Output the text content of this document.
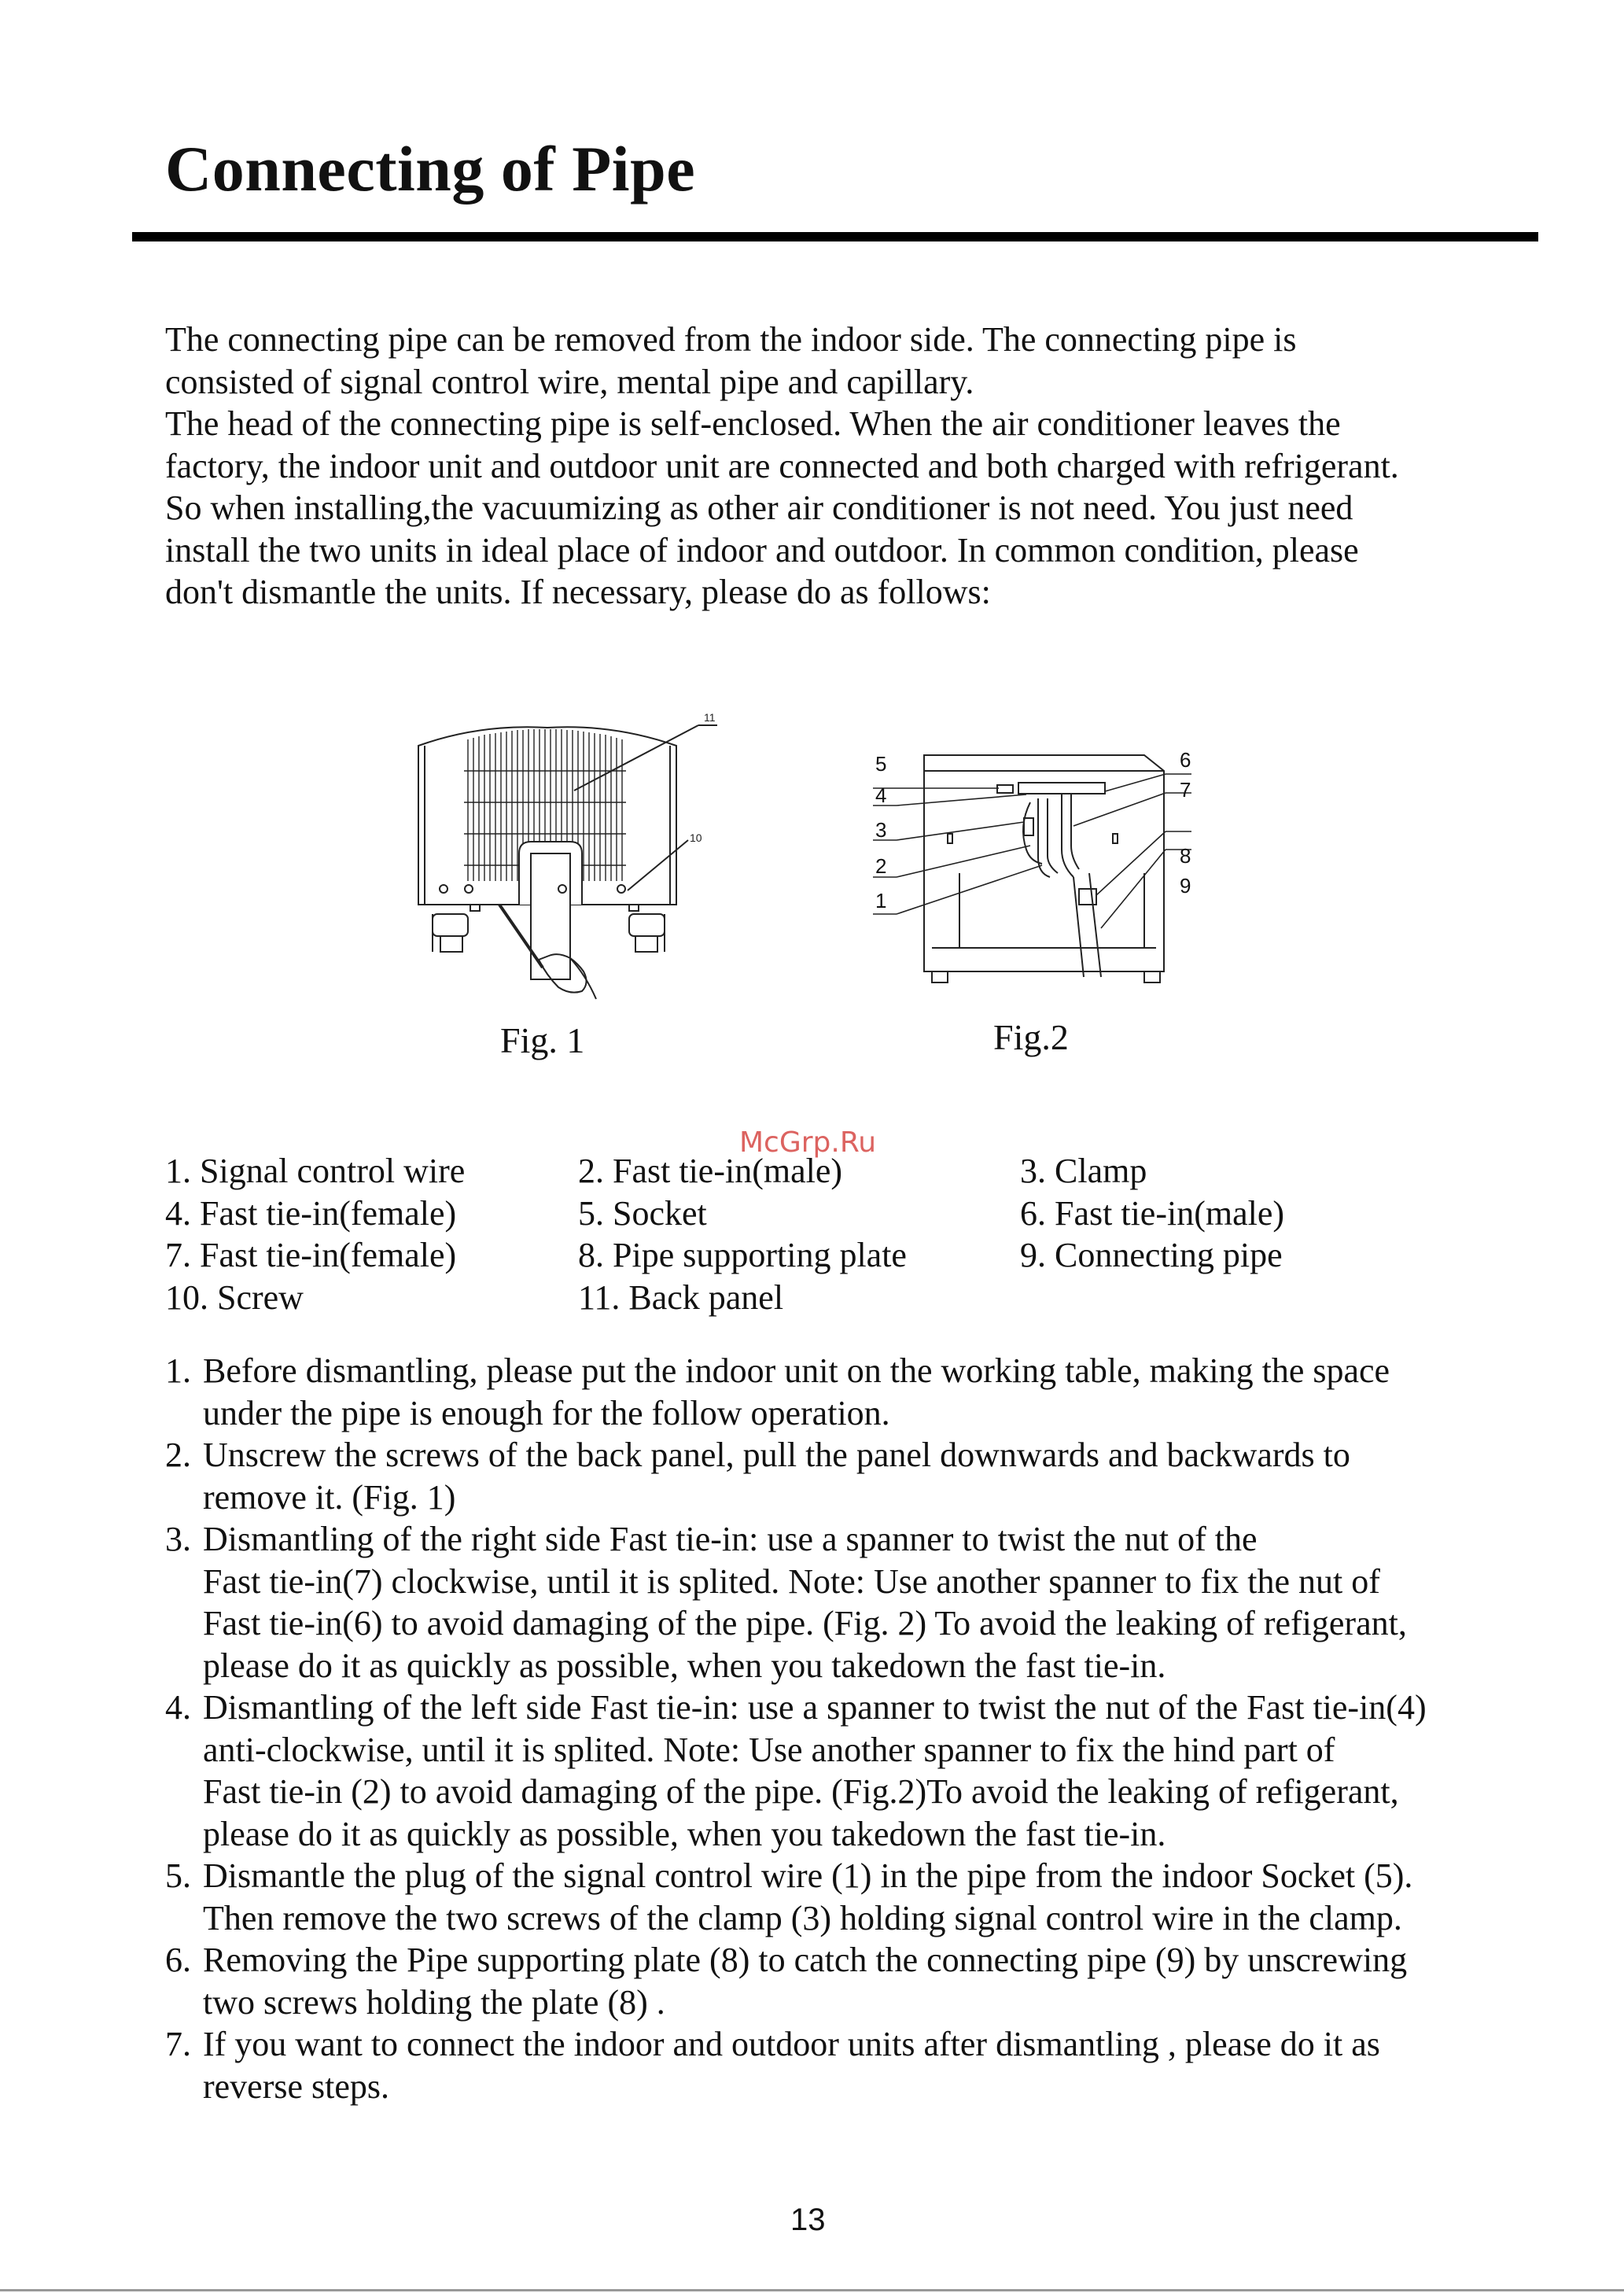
Connecting of Pipe

The connecting pipe can be removed from the indoor side. The connecting pipe is

consisted of signal control wire, mental pipe and capillary.

The head of the connecting pipe is self-enclosed. When the air conditioner leaves the

factory, the indoor unit and outdoor unit are connected and both charged with refrigerant.

So when installing,the vacuumizing as other air conditioner is not need. You just need

install the two units in ideal place of indoor and outdoor. In common condition, please

don't dismantle the units. If necessary, please do as follows:

11
10
Fig. 1
5
4
3
2
1
6
7
8
9
Fig.2
McGrp.Ru
1. Signal control wire	2. Fast tie-in(male)	3. Clamp
4. Fast tie-in(female)	5. Socket	6. Fast tie-in(male)
7. Fast tie-in(female)	8. Pipe supporting plate	9. Connecting pipe
10. Screw	11. Back panel
1. Before dismantling, please put the indoor unit on the working table, making the space
under the pipe is enough for the follow operation.
2. Unscrew the screws of the back panel, pull the panel downwards and backwards to
remove it. (Fig. 1)
3. Dismantling of the right side Fast tie-in: use a spanner to twist the nut of the
Fast tie-in(7) clockwise, until it is splited. Note: Use another spanner to fix the nut of
Fast tie-in(6) to avoid damaging of the pipe. (Fig. 2) To avoid the leaking of refigerant,
please do it as quickly as possible, when you takedown the fast tie-in.
4. Dismantling of the left side Fast tie-in: use a spanner to twist the nut of the Fast tie-in(4)
anti-clockwise, until it is splited. Note: Use another spanner to fix the hind part of
Fast tie-in (2) to avoid damaging of the pipe. (Fig.2)To avoid the leaking of refigerant,
please do it as quickly as possible, when you takedown the fast tie-in.
5. Dismantle the plug of the signal control wire (1) in the pipe from the indoor Socket (5).
Then remove the two screws of the clamp (3) holding signal control wire in the clamp.
6. Removing the Pipe supporting plate (8) to catch the connecting pipe (9) by unscrewing
two screws holding the plate (8) .
7. If you want to connect the indoor and outdoor units after dismantling , please do it as
reverse steps.
13
